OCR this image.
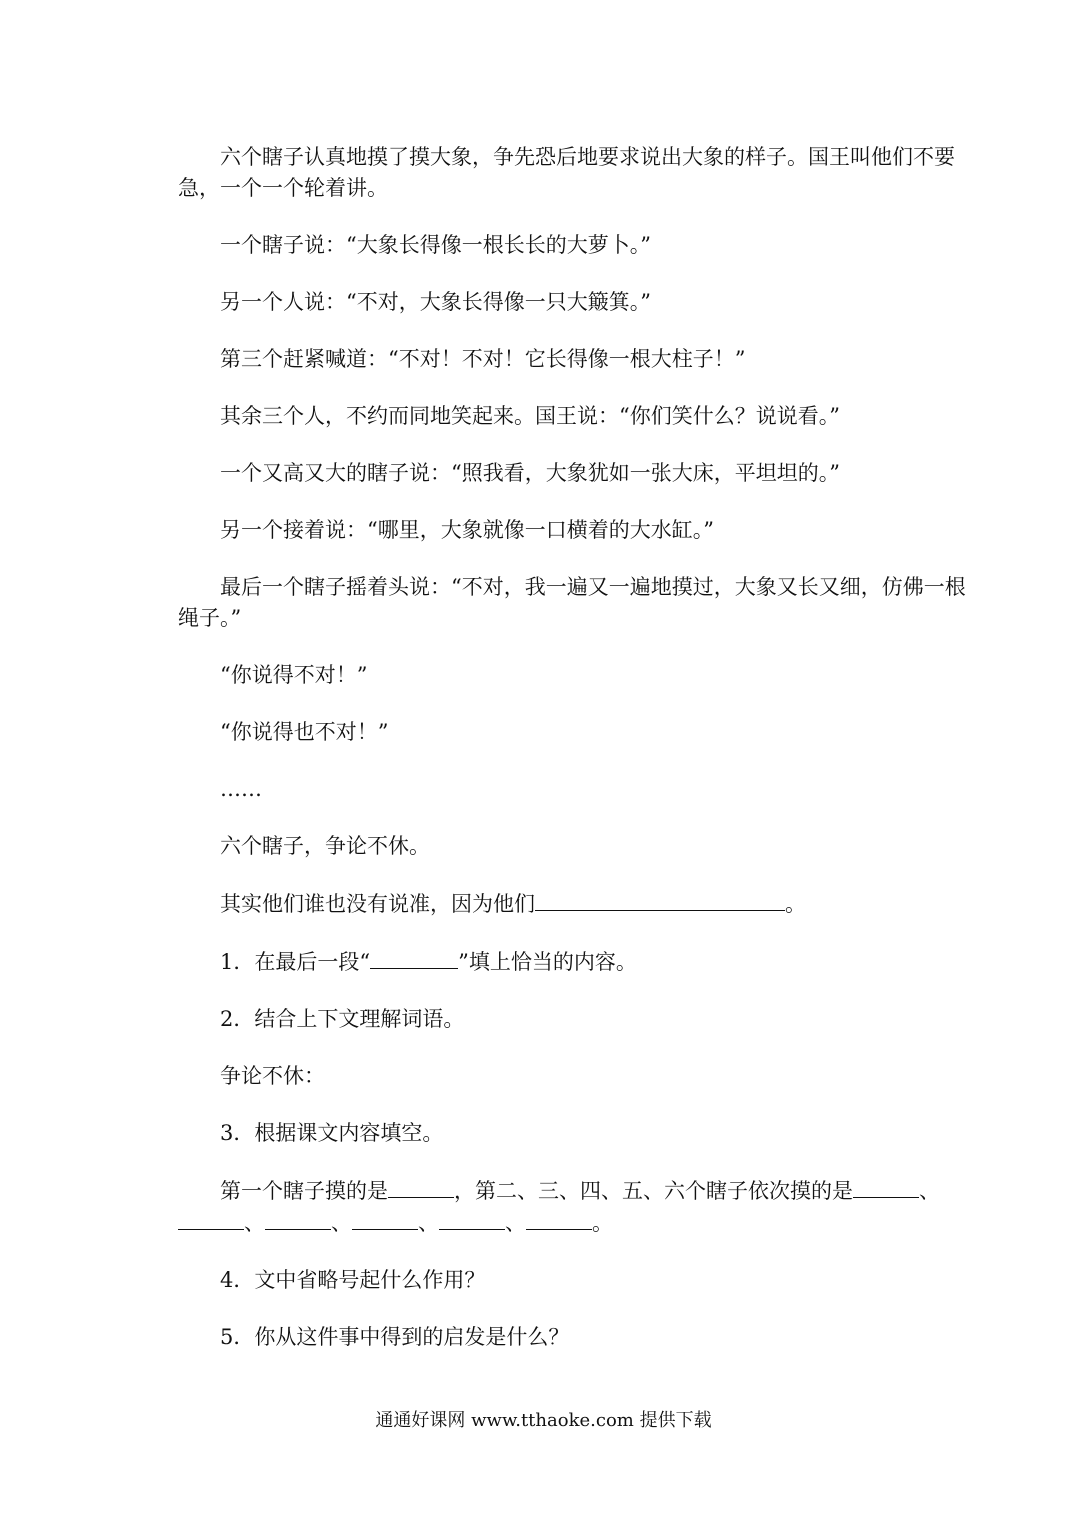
六个瞎子认真地摸了摸大象，争先恐后地要求说出大象的样子。国王叫他们不要急，一个一个轮着讲。

一个瞎子说：“大象长得像一根长长的大萝卜。”

另一个人说：“不对，大象长得像一只大簸箕。”

第三个赶紧喊道：“不对！不对！它长得像一根大柱子！”

其余三个人，不约而同地笑起来。国王说：“你们笑什么？说说看。”

一个又高又大的瞎子说：“照我看，大象犹如一张大床，平坦坦的。”

另一个接着说：“哪里，大象就像一口横着的大水缸。”

最后一个瞎子摇着头说：“不对，我一遍又一遍地摸过，大象又长又细，仿佛一根绳子。”

“你说得不对！”

“你说得也不对！”

……

六个瞎子，争论不休。

其实他们谁也没有说准，因为他们	。

1．在最后一段“	”填上恰当的内容。

2．结合上下文理解词语。

争论不休：

3．根据课文内容填空。

第一个瞎子摸的是	，第二、三、四、五、六个瞎子依次摸的是	、、	、	、	、	。

4．文中省略号起什么作用？

5．你从这件事中得到的启发是什么？

通通好课网 www.tthaoke.com 提供下载
